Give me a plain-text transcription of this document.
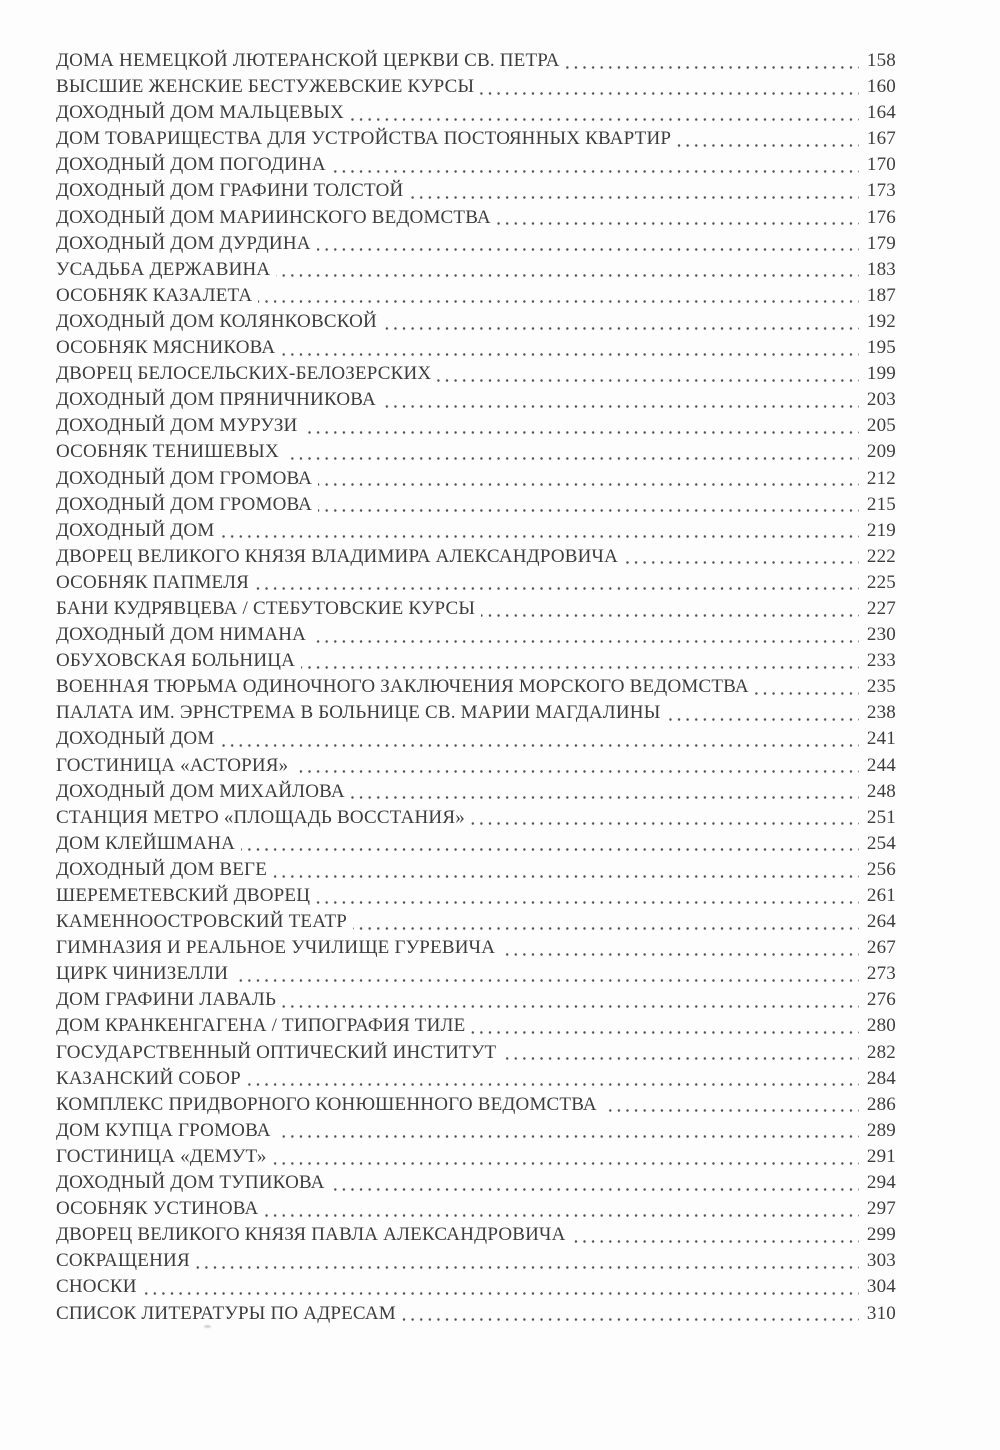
ДОМА НЕМЕЦКОЙ ЛЮТЕРАНСКОЙ ЦЕРКВИ СВ. ПЕТРА	158
ВЫСШИЕ ЖЕНСКИЕ БЕСТУЖЕВСКИЕ КУРСЫ	160
ДОХОДНЫЙ ДОМ МАЛЬЦЕВЫХ	164
ДОМ ТОВАРИЩЕСТВА ДЛЯ УСТРОЙСТВА ПОСТОЯННЫХ КВАРТИР	167
ДОХОДНЫЙ ДОМ ПОГОДИНА	170
ДОХОДНЫЙ ДОМ ГРАФИНИ ТОЛСТОЙ	173
ДОХОДНЫЙ ДОМ МАРИИНСКОГО ВЕДОМСТВА	176
ДОХОДНЫЙ ДОМ ДУРДИНА	179
УСАДЬБА ДЕРЖАВИНА	183
ОСОБНЯК КАЗАЛЕТА	187
ДОХОДНЫЙ ДОМ КОЛЯНКОВСКОЙ	192
ОСОБНЯК МЯСНИКОВА	195
ДВОРЕЦ БЕЛОСЕЛЬСКИХ-БЕЛОЗЕРСКИХ	199
ДОХОДНЫЙ ДОМ ПРЯНИЧНИКОВА	203
ДОХОДНЫЙ ДОМ МУРУЗИ	205
ОСОБНЯК ТЕНИШЕВЫХ	209
ДОХОДНЫЙ ДОМ ГРОМОВА	212
ДОХОДНЫЙ ДОМ ГРОМОВА	215
ДОХОДНЫЙ ДОМ	219
ДВОРЕЦ ВЕЛИКОГО КНЯЗЯ ВЛАДИМИРА АЛЕКСАНДРОВИЧА	222
ОСОБНЯК ПАПМЕЛЯ	225
БАНИ КУДРЯВЦЕВА / СТЕБУТОВСКИЕ КУРСЫ	227
ДОХОДНЫЙ ДОМ НИМАНА	230
ОБУХОВСКАЯ БОЛЬНИЦА	233
ВОЕННАЯ ТЮРЬМА ОДИНОЧНОГО ЗАКЛЮЧЕНИЯ МОРСКОГО ВЕДОМСТВА	235
ПАЛАТА ИМ. ЭРНСТРЕМА В БОЛЬНИЦЕ СВ. МАРИИ МАГДАЛИНЫ	238
ДОХОДНЫЙ ДОМ	241
ГОСТИНИЦА «АСТОРИЯ»	244
ДОХОДНЫЙ ДОМ МИХАЙЛОВА	248
СТАНЦИЯ МЕТРО «ПЛОЩАДЬ ВОССТАНИЯ»	251
ДОМ КЛЕЙШМАНА	254
ДОХОДНЫЙ ДОМ ВЕГЕ	256
ШЕРЕМЕТЕВСКИЙ ДВОРЕЦ	261
КАМЕННООСТРОВСКИЙ ТЕАТР	264
ГИМНАЗИЯ И РЕАЛЬНОЕ УЧИЛИЩЕ ГУРЕВИЧА	267
ЦИРК ЧИНИЗЕЛЛИ	273
ДОМ ГРАФИНИ ЛАВАЛЬ	276
ДОМ КРАНКЕНГАГЕНА / ТИПОГРАФИЯ ТИЛЕ	280
ГОСУДАРСТВЕННЫЙ ОПТИЧЕСКИЙ ИНСТИТУТ	282
КАЗАНСКИЙ СОБОР	284
КОМПЛЕКС ПРИДВОРНОГО КОНЮШЕННОГО ВЕДОМСТВА	286
ДОМ КУПЦА ГРОМОВА	289
ГОСТИНИЦА «ДЕМУТ»	291
ДОХОДНЫЙ ДОМ ТУПИКОВА	294
ОСОБНЯК УСТИНОВА	297
ДВОРЕЦ ВЕЛИКОГО КНЯЗЯ ПАВЛА АЛЕКСАНДРОВИЧА	299
СОКРАЩЕНИЯ	303
СНОСКИ	304
СПИСОК ЛИТЕРАТУРЫ ПО АДРЕСАМ	310
